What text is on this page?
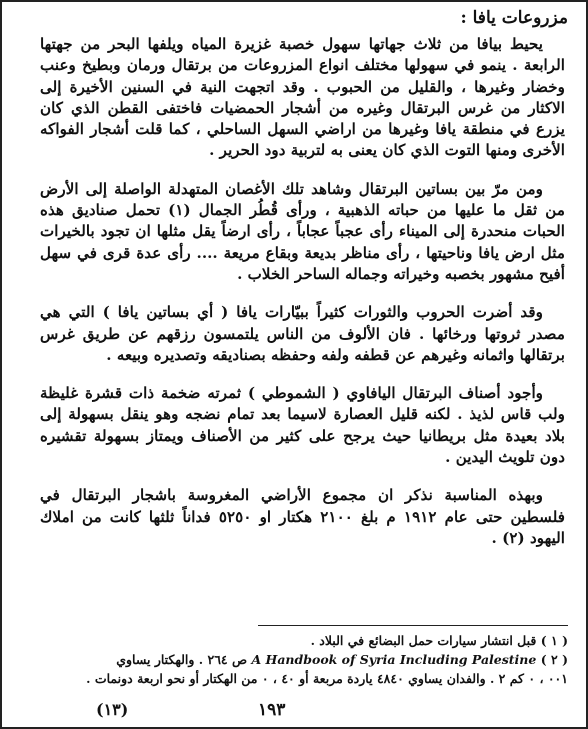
مزروعات يافا :

يحيط بيافا من ثلاث جهاتها سهول خصبة غزيرة المياه ويلفها البحر من جهتها الرابعة . ينمو في سهولها مختلف انواع المزروعات من برتقال ورمان وبطيخ وعنب وخضار وغيرها ، والقليل من الحبوب . وقد اتجهت النية في السنين الأخيرة إلى الاكثار من غرس البرتقال وغيره من أشجار الحمضيات فاختفى القطن الذي كان يزرع في منطقة يافا وغيرها من اراضي السهل الساحلي ، كما قلت أشجار الفواكه الأخرى ومنها التوت الذي كان يعنى به لتربية دود الحرير .

ومن مرّ بين بساتين البرتقال وشاهد تلك الأغصان المتهدلة الواصلة إلى الأرض من ثقل ما عليها من حباته الذهبية ، ورأى قُطُر الجمال (١) تحمل صناديق هذه الحبات منحدرة إلى الميناء رأى عجباً عجاباً ، رأى ارضاً يقل مثلها ان تجود بالخيرات مثل ارض يافا وناحيتها ، رأى مناظر بديعة وبقاع مريعة .... رأى عدة قرى في سهل أفيح مشهور بخصبه وخيراته وجماله الساحر الخلاب .

وقد أضرت الحروب والثورات كثيراً ببيّارات يافا ( أي بساتين يافا ) التي هي مصدر ثروتها ورخائها . فان الألوف من الناس يلتمسون رزقهم عن طريق غرس برتقالها واثمانه وغيرهم عن قطفه ولفه وحفظه بصناديقه وتصديره وبيعه .

وأجود أصناف البرتقال اليافاوي ( الشموطي ) ثمرته ضخمة ذات قشرة غليظة ولب قاس لذيذ . لكنه قليل العصارة لاسيما بعد تمام نضجه وهو ينقل بسهولة إلى بلاد بعيدة مثل بريطانيا حيث يرجح على كثير من الأصناف ويمتاز بسهولة تقشيره دون تلويث اليدين .

وبهذه المناسبة نذكر ان مجموع الأراضي المغروسة باشجار البرتقال في فلسطين حتى عام ١٩١٢ م بلغ ٢١٠٠ هكتار او ٥٢٥٠ فداناً ثلثها كانت من املاك اليهود (٢) .

( ١ ) قبل انتشار سيارات حمل البضائع في البلاد .
( ٢ ) A Handbook of Syria Including Palestine ص ٢٦٤ . والهكتار يساوي
٠٠١ ، ٠ كم ٢ . والفدان يساوي ٤٨٤٠ ياردة مربعة أو ٤٠ ، ٠ من الهكتار أو نحو اربعة دونمات .
١٩٣
(١٣)
